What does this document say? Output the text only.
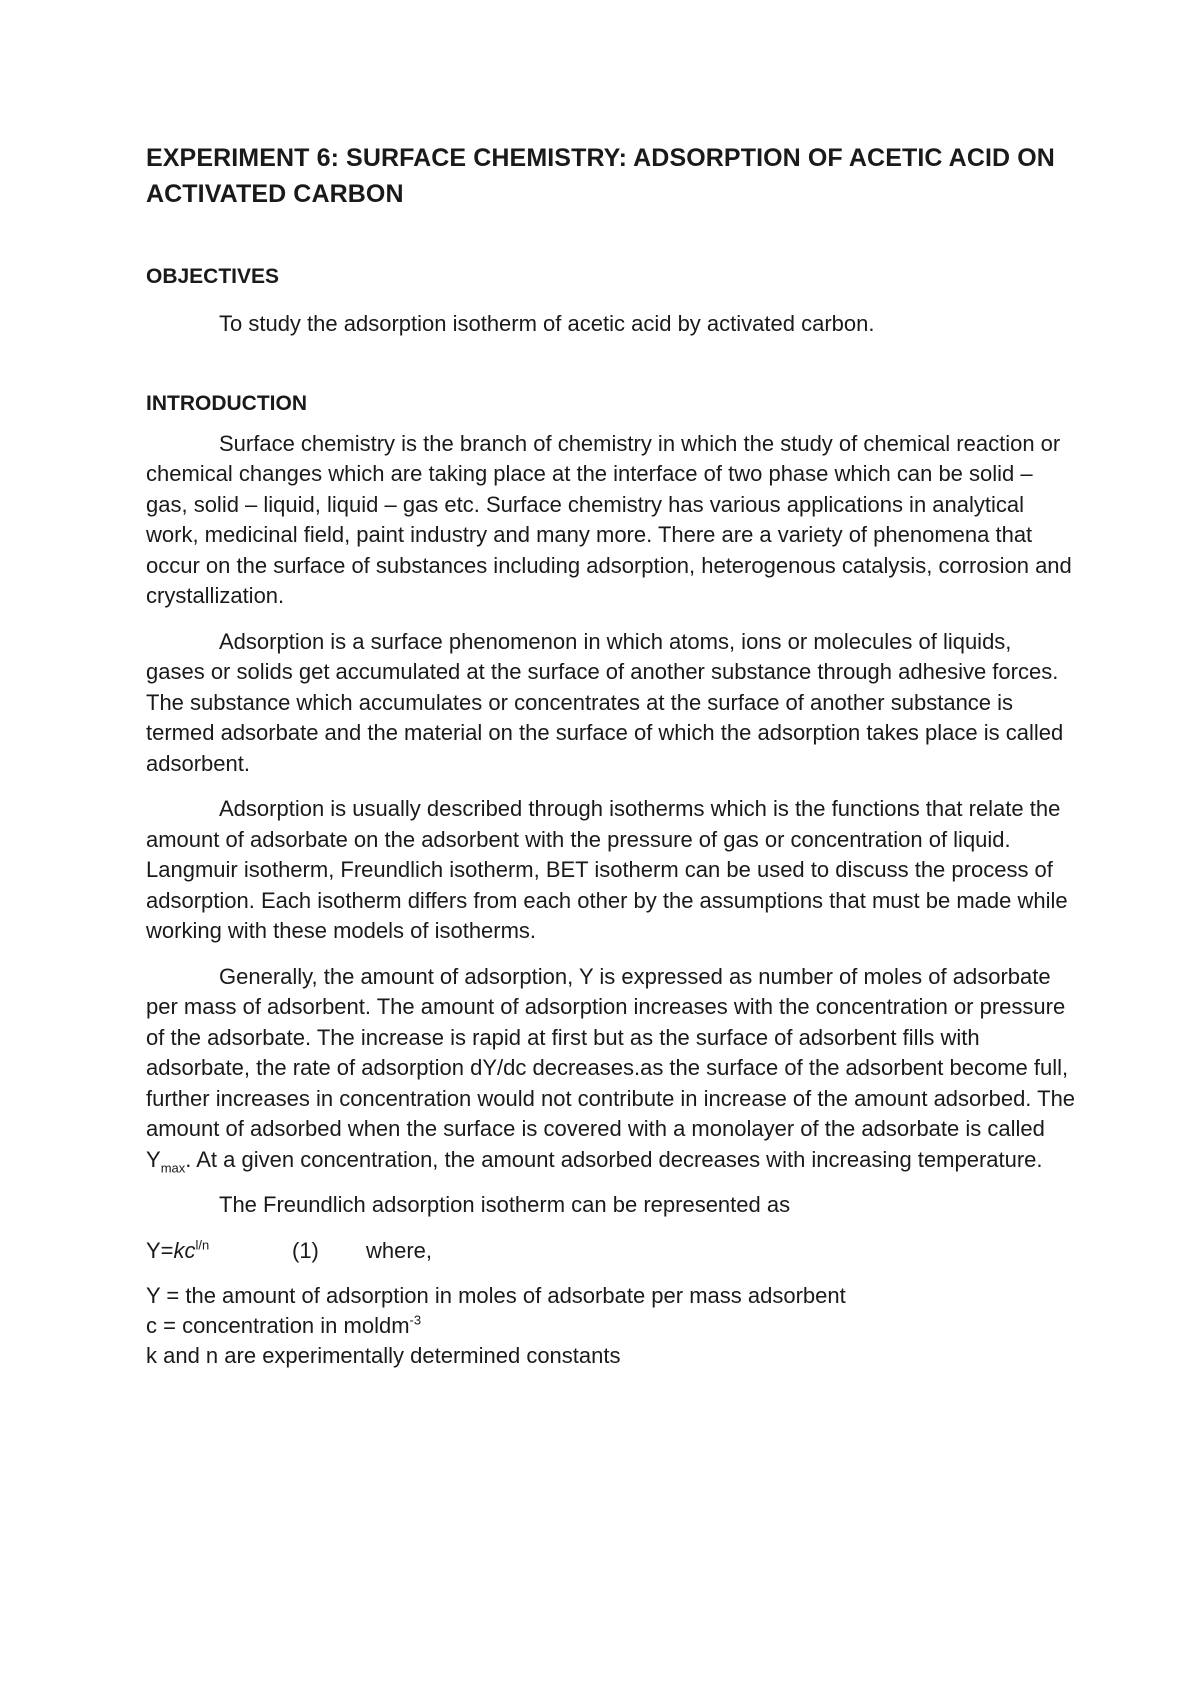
EXPERIMENT 6: SURFACE CHEMISTRY: ADSORPTION OF ACETIC ACID ON ACTIVATED CARBON
OBJECTIVES

To study the adsorption isotherm of acetic acid by activated carbon.

INTRODUCTION

Surface chemistry is the branch of chemistry in which the study of chemical reaction or chemical changes which are taking place at the interface of two phase which can be solid – gas, solid – liquid, liquid – gas etc. Surface chemistry has various applications in analytical work, medicinal field, paint industry and many more. There are a variety of phenomena that occur on the surface of substances including adsorption, heterogenous catalysis, corrosion and crystallization.

Adsorption is a surface phenomenon in which atoms, ions or molecules of liquids, gases or solids get accumulated at the surface of another substance through adhesive forces. The substance which accumulates or concentrates at the surface of another substance is termed adsorbate and the material on the surface of which the adsorption takes place is called adsorbent.

Adsorption is usually described through isotherms which is the functions that relate the amount of adsorbate on the adsorbent with the pressure of gas or concentration of liquid. Langmuir isotherm, Freundlich isotherm, BET isotherm can be used to discuss the process of adsorption. Each isotherm differs from each other by the assumptions that must be made while working with these models of isotherms.

Generally, the amount of adsorption, Y is expressed as number of moles of adsorbate per mass of adsorbent. The amount of adsorption increases with the concentration or pressure of the adsorbate. The increase is rapid at first but as the surface of adsorbent fills with adsorbate, the rate of adsorption dY/dc decreases.as the surface of the adsorbent become full, further increases in concentration would not contribute in increase of the amount adsorbed. The amount of adsorbed when the surface is covered with a monolayer of the adsorbate is called $Y_{max}$. At a given concentration, the amount adsorbed decreases with increasing temperature.

The Freundlich adsorption isotherm can be represented as

$Y=kc^{l/n}$	(1) where,
Y = the amount of adsorption in moles of adsorbate per mass adsorbent
c = concentration in moldm$^{-3}$
k and n are experimentally determined constants
